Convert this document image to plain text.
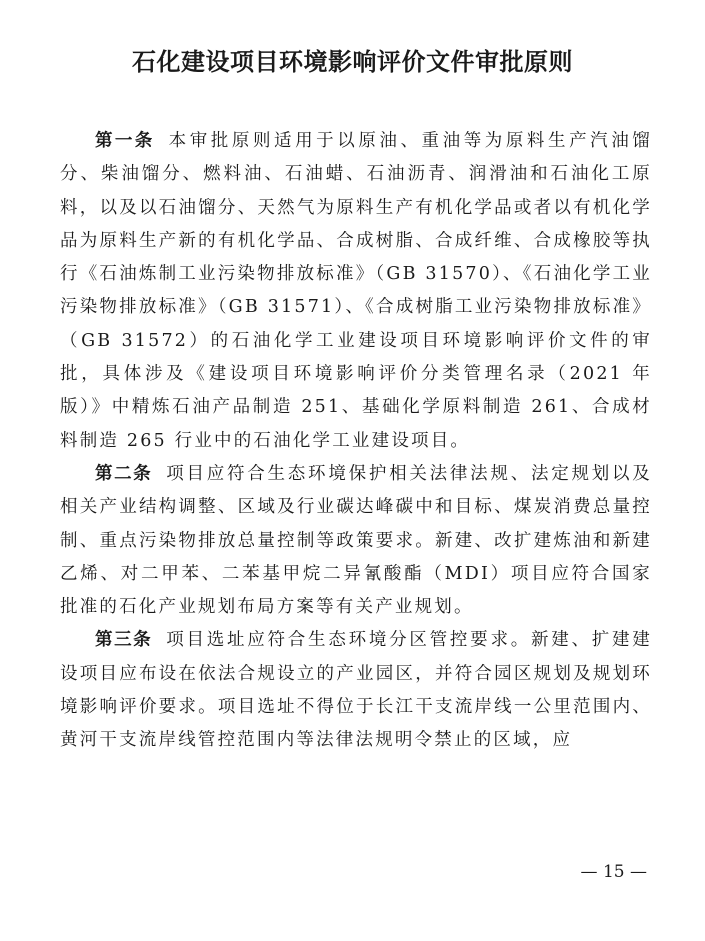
石化建设项目环境影响评价文件审批原则

第一条 本审批原则适用于以原油、重油等为原料生产汽油馏分、柴油馏分、燃料油、石油蜡、石油沥青、润滑油和石油化工原料，以及以石油馏分、天然气为原料生产有机化学品或者以有机化学品为原料生产新的有机化学品、合成树脂、合成纤维、合成橡胶等执行《石油炼制工业污染物排放标准》（GB 31570）、《石油化学工业污染物排放标准》（GB 31571）、《合成树脂工业污染物排放标准》（GB 31572）的石油化学工业建设项目环境影响评价文件的审批，具体涉及《建设项目环境影响评价分类管理名录（2021 年版）》中精炼石油产品制造 251、基础化学原料制造 261、合成材料制造 265 行业中的石油化学工业建设项目。

第二条 项目应符合生态环境保护相关法律法规、法定规划以及相关产业结构调整、区域及行业碳达峰碳中和目标、煤炭消费总量控制、重点污染物排放总量控制等政策要求。新建、改扩建炼油和新建乙烯、对二甲苯、二苯基甲烷二异氰酸酯（MDI）项目应符合国家批准的石化产业规划布局方案等有关产业规划。

第三条 项目选址应符合生态环境分区管控要求。新建、扩建建设项目应布设在依法合规设立的产业园区，并符合园区规划及规划环境影响评价要求。项目选址不得位于长江干支流岸线一公里范围内、黄河干支流岸线管控范围内等法律法规明令禁止的区域，应

— 15 —
